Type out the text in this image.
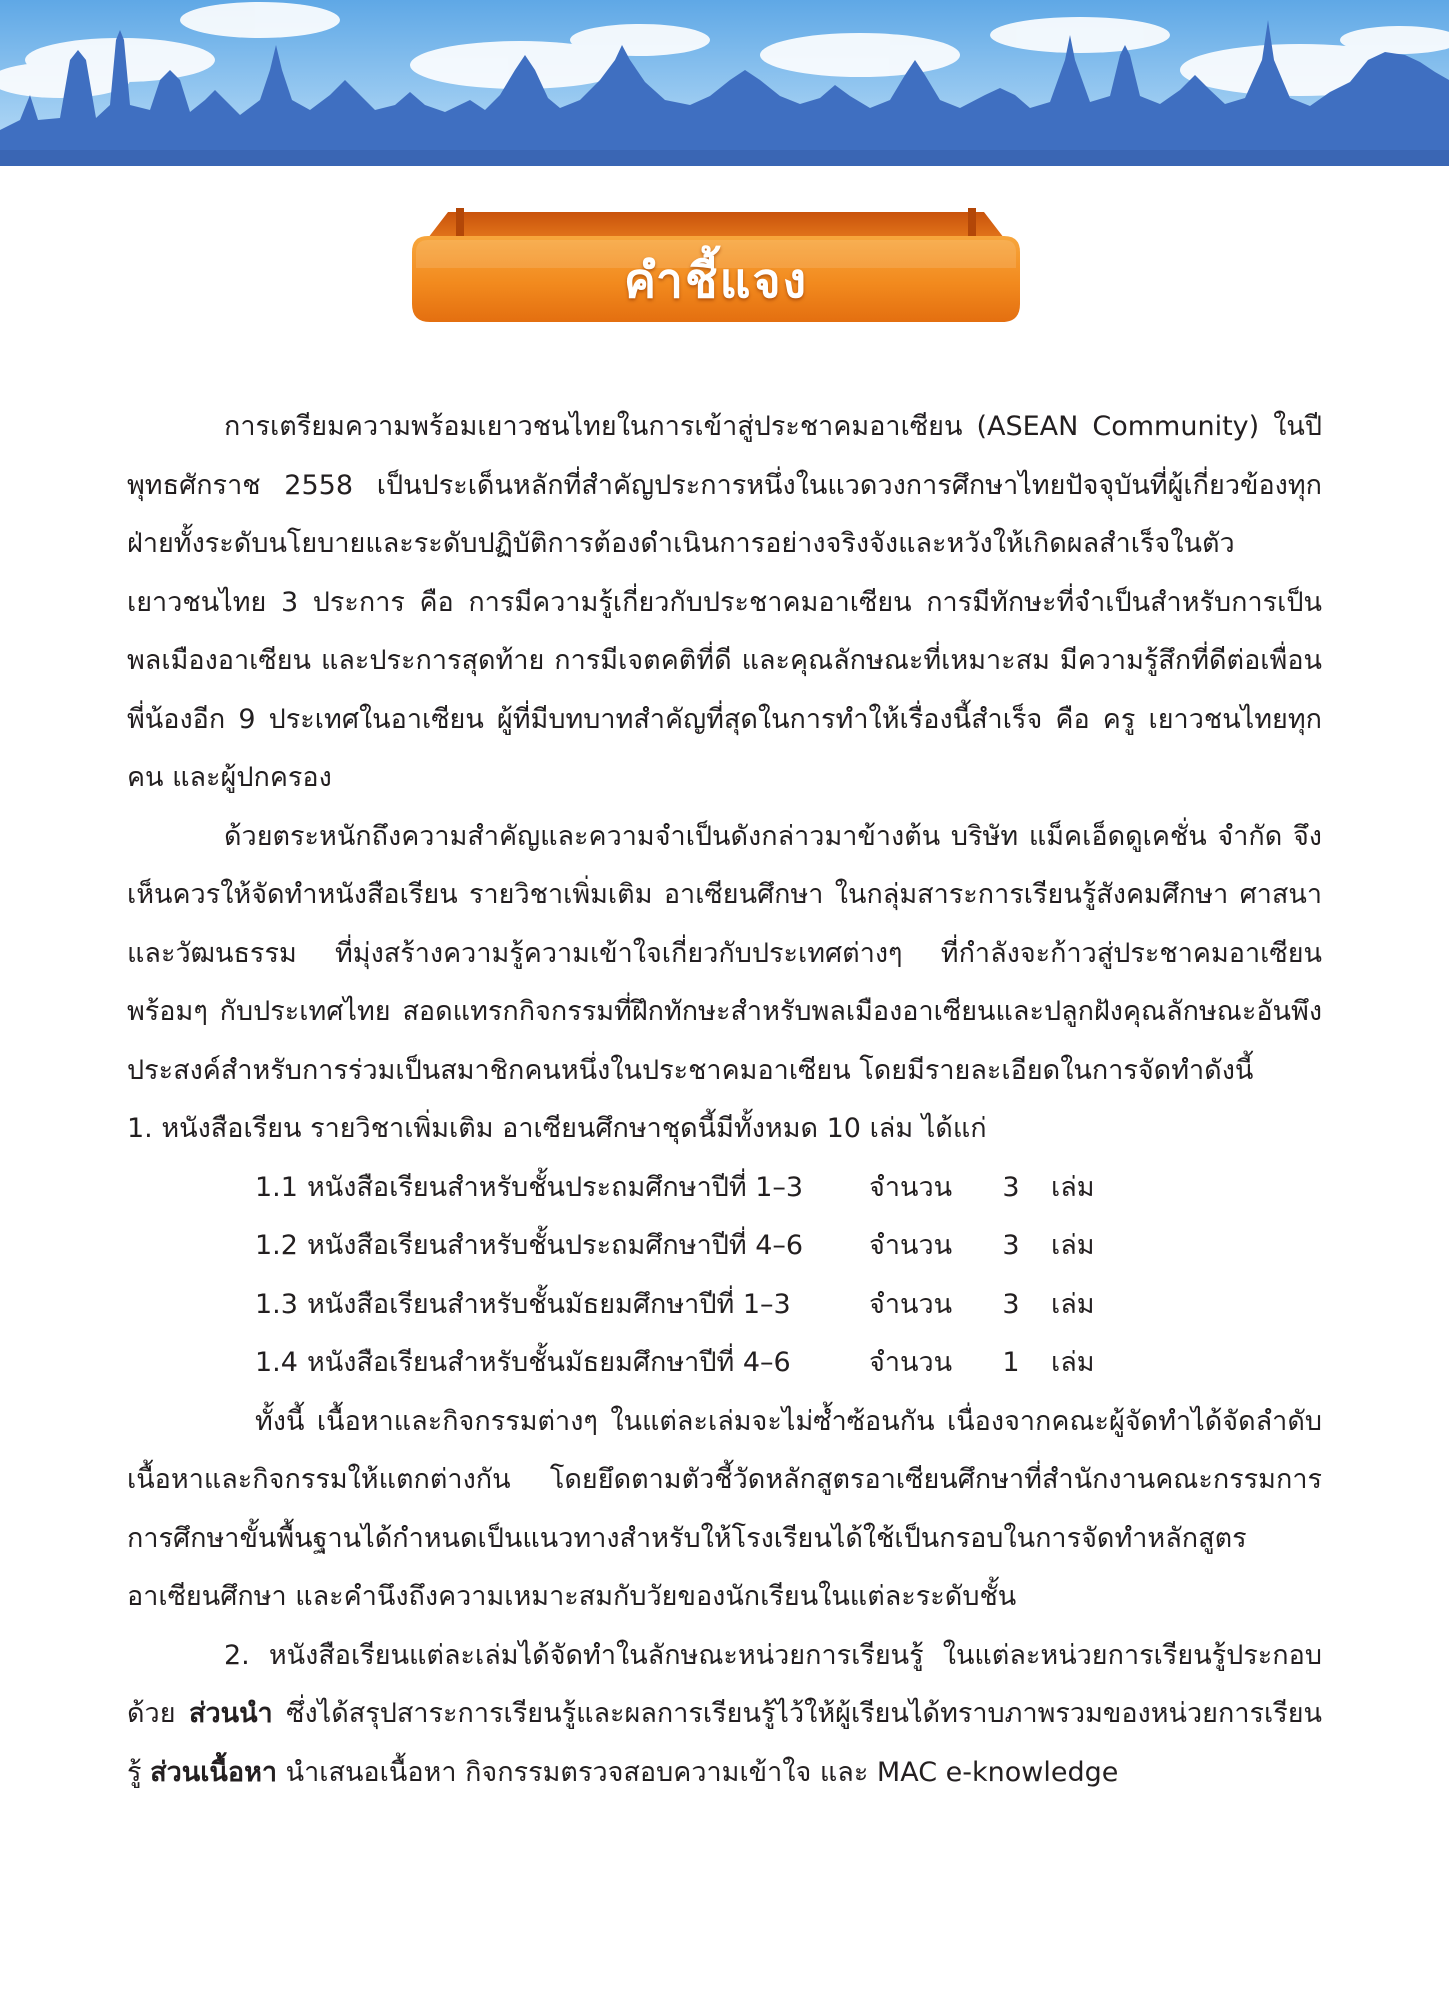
คำชี้แจง

การเตรียมความพร้อมเยาวชนไทยในการเข้าสู่ประชาคมอาเซียน (ASEAN Community) ในปีพุทธศักราช 2558 เป็นประเด็นหลักที่สำคัญประการหนึ่งในแวดวงการศึกษาไทยปัจจุบันที่ผู้เกี่ยวข้องทุกฝ่ายทั้งระดับนโยบายและระดับปฏิบัติการต้องดำเนินการอย่างจริงจังและหวังให้เกิดผลสำเร็จในตัวเยาวชนไทย 3 ประการ คือ การมีความรู้เกี่ยวกับประชาคมอาเซียน การมีทักษะที่จำเป็นสำหรับการเป็นพลเมืองอาเซียน และประการสุดท้าย การมีเจตคติที่ดี และคุณลักษณะที่เหมาะสม มีความรู้สึกที่ดีต่อเพื่อนพี่น้องอีก 9 ประเทศในอาเซียน ผู้ที่มีบทบาทสำคัญที่สุดในการทำให้เรื่องนี้สำเร็จ คือ ครู เยาวชนไทยทุกคน และผู้ปกครอง

ด้วยตระหนักถึงความสำคัญและความจำเป็นดังกล่าวมาข้างต้น บริษัท แม็คเอ็ดดูเคชั่น จำกัด จึงเห็นควรให้จัดทำหนังสือเรียน รายวิชาเพิ่มเติม อาเซียนศึกษา ในกลุ่มสาระการเรียนรู้สังคมศึกษา ศาสนาและวัฒนธรรม ที่มุ่งสร้างความรู้ความเข้าใจเกี่ยวกับประเทศต่างๆ ที่กำลังจะก้าวสู่ประชาคมอาเซียนพร้อมๆ กับประเทศไทย สอดแทรกกิจกรรมที่ฝึกทักษะสำหรับพลเมืองอาเซียนและปลูกฝังคุณลักษณะอันพึงประสงค์สำหรับการร่วมเป็นสมาชิกคนหนึ่งในประชาคมอาเซียน โดยมีรายละเอียดในการจัดทำดังนี้

1. หนังสือเรียน รายวิชาเพิ่มเติม อาเซียนศึกษาชุดนี้มีทั้งหมด 10 เล่ม ได้แก่

1.1	หนังสือเรียนสำหรับชั้นประถมศึกษาปีที่ 1–3	จำนวน	3	เล่ม
1.2	หนังสือเรียนสำหรับชั้นประถมศึกษาปีที่ 4–6	จำนวน	3	เล่ม
1.3	หนังสือเรียนสำหรับชั้นมัธยมศึกษาปีที่ 1–3	จำนวน	3	เล่ม
1.4	หนังสือเรียนสำหรับชั้นมัธยมศึกษาปีที่ 4–6	จำนวน	1	เล่ม

ทั้งนี้ เนื้อหาและกิจกรรมต่างๆ ในแต่ละเล่มจะไม่ซ้ำซ้อนกัน เนื่องจากคณะผู้จัดทำได้จัดลำดับเนื้อหาและกิจกรรมให้แตกต่างกัน โดยยึดตามตัวชี้วัดหลักสูตรอาเซียนศึกษาที่สำนักงานคณะกรรมการการศึกษาขั้นพื้นฐานได้กำหนดเป็นแนวทางสำหรับให้โรงเรียนได้ใช้เป็นกรอบในการจัดทำหลักสูตรอาเซียนศึกษา และคำนึงถึงความเหมาะสมกับวัยของนักเรียนในแต่ละระดับชั้น

2. หนังสือเรียนแต่ละเล่มได้จัดทำในลักษณะหน่วยการเรียนรู้ ในแต่ละหน่วยการเรียนรู้ประกอบด้วย ส่วนนำ ซึ่งได้สรุปสาระการเรียนรู้และผลการเรียนรู้ไว้ให้ผู้เรียนได้ทราบภาพรวมของหน่วยการเรียนรู้ ส่วนเนื้อหา นำเสนอเนื้อหา กิจกรรมตรวจสอบความเข้าใจ และ MAC e-knowledge
